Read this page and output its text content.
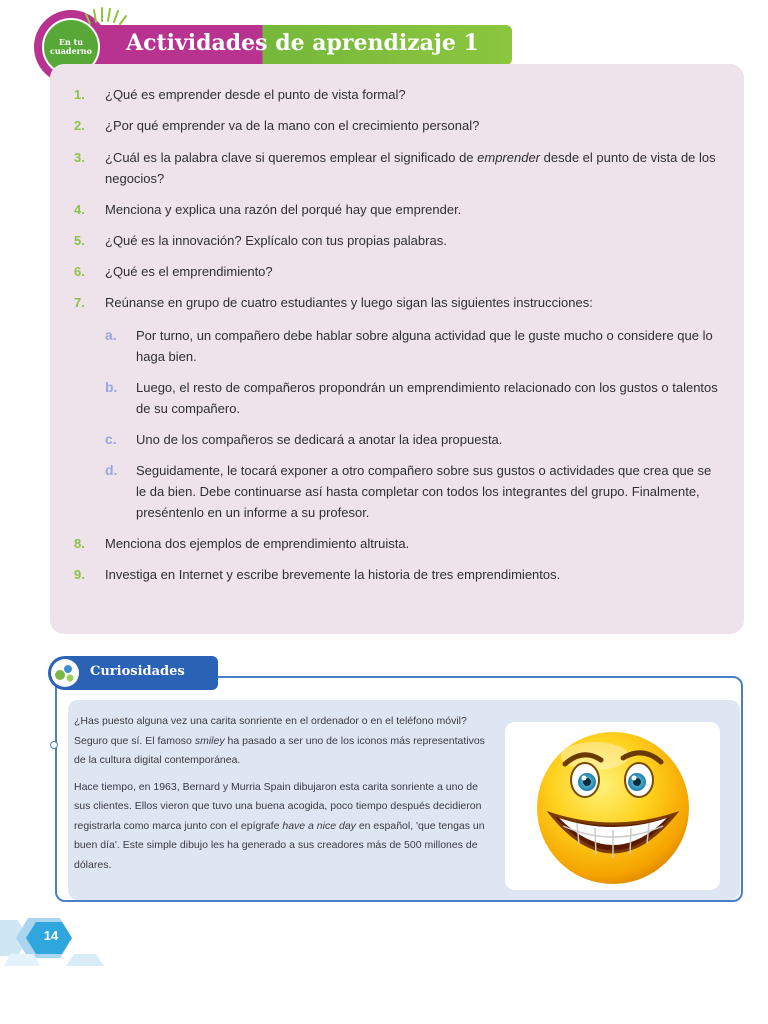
Actividades de aprendizaje 1
En tu cuaderno
1. ¿Qué es emprender desde el punto de vista formal?
2. ¿Por qué emprender va de la mano con el crecimiento personal?
3. ¿Cuál es la palabra clave si queremos emplear el significado de emprender desde el punto de vista de los negocios?
4. Menciona y explica una razón del porqué hay que emprender.
5. ¿Qué es la innovación? Explícalo con tus propias palabras.
6. ¿Qué es el emprendimiento?
7. Reúnanse en grupo de cuatro estudiantes y luego sigan las siguientes instrucciones:
a. Por turno, un compañero debe hablar sobre alguna actividad que le guste mucho o considere que lo haga bien.
b. Luego, el resto de compañeros propondrán un emprendimiento relacionado con los gustos o talentos de su compañero.
c. Uno de los compañeros se dedicará a anotar la idea propuesta.
d. Seguidamente, le tocará exponer a otro compañero sobre sus gustos o actividades que crea que se le da bien. Debe continuarse así hasta completar con todos los integrantes del grupo. Finalmente, preséntenlo en un informe a su profesor.
8. Menciona dos ejemplos de emprendimiento altruista.
9. Investiga en Internet y escribe brevemente la historia de tres emprendimientos.
Curiosidades

¿Has puesto alguna vez una carita sonriente en el ordenador o en el teléfono móvil? Seguro que sí. El famoso smiley ha pasado a ser uno de los iconos más representativos de la cultura digital contemporánea.

Hace tiempo, en 1963, Bernard y Murria Spain dibujaron esta carita sonriente a uno de sus clientes. Ellos vieron que tuvo una buena acogida, poco tiempo después decidieron registrarla como marca junto con el epígrafe have a nice day en español, 'que tengas un buen día'. Este simple dibujo les ha generado a sus creadores más de 500 millones de dólares.

14
